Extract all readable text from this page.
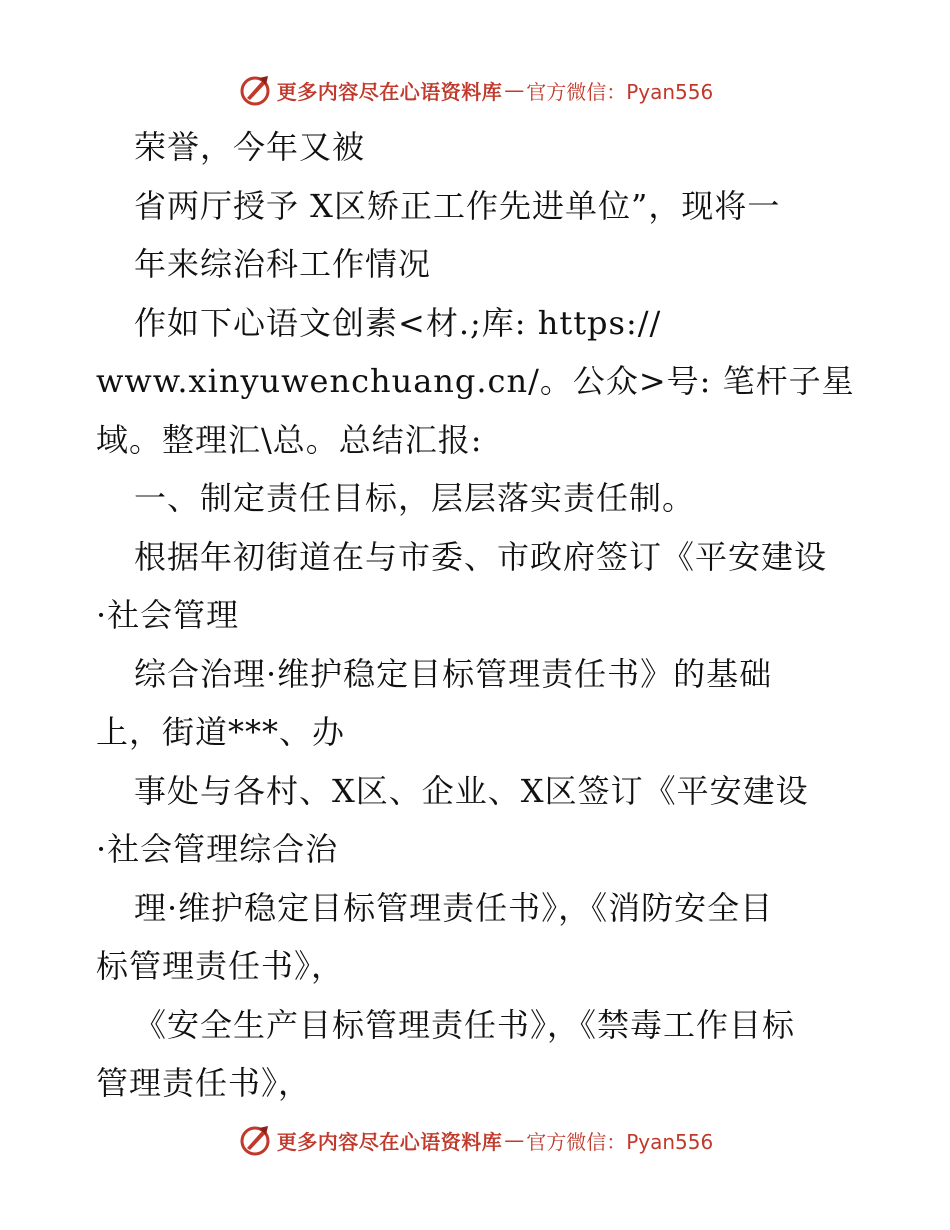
更多内容尽在心语资料库 — 官方微信：Pyan556
荣誉，今年又被
省两厅授予 X区矫正工作先进单位”，现将一
年来综治科工作情况
作如下心语文创素<材.;库: https://
www.xinyuwenchuang.cn/。公众>号: 笔杆子星
域。整理汇\总。总结汇报:
一、制定责任目标，层层落实责任制。
根据年初街道在与市委、市政府签订《平安建设
·社会管理
综合治理·维护稳定目标管理责任书》的基础
上，街道***、办
事处与各村、X区、企业、X区签订《平安建设
·社会管理综合治
理·维护稳定目标管理责任书》，《消防安全目
标管理责任书》，
《安全生产目标管理责任书》，《禁毒工作目标
管理责任书》，
更多内容尽在心语资料库 — 官方微信：Pyan556
